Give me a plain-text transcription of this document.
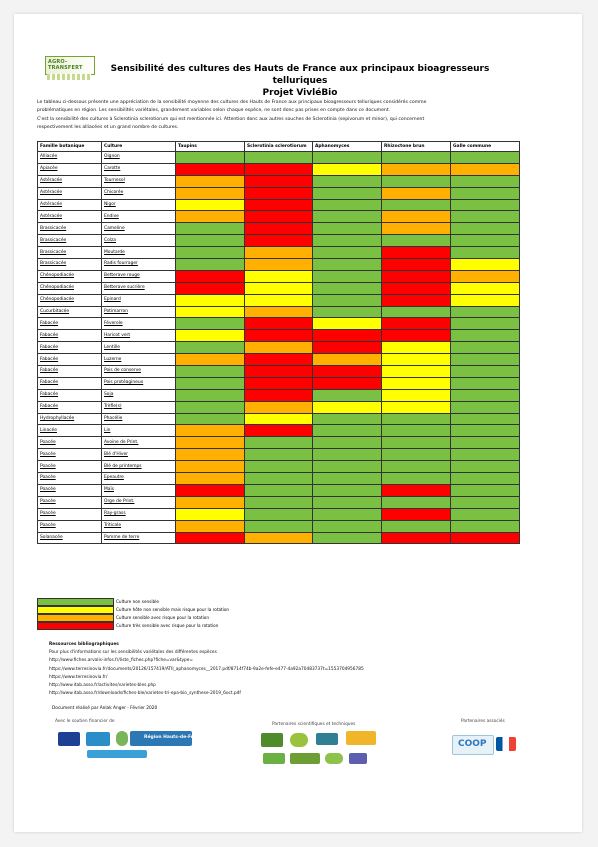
AGRO-TRANSFERT	Sensibilité des cultures des Hauts de France aux principaux bioagresseurs telluriques
Projet VivléBio

Le tableau ci-dessous présente une appréciation de la sensibilité moyenne des cultures des Hauts de France aux principaux bioagresseurs telluriques considérés comme

problématiques en région. Les sensibilités variétales, grandement variables selon chaque espèce, ne sont donc pas prises en compte dans ce document.

C'est la sensibilité des cultures à Sclerotinia sclerotiorum qui est mentionnée ici. Attention donc aux autres souches de Sclerotinia (sepivorum et minor), qui concernent

respectivement les alliacées et un grand nombre de cultures.

Famille botanique	Culture	Taupins	Sclerotinia sclerotiorum	Aphanomyces	Rhizoctone brun	Galle commune
Alliacée	Oignon					
Apiacée	Carotte					
Astéracée	Tournesol					
Astéracée	Chicorée					
Astéracée	Nigor					
Astéracée	Endive					
Brassicacée	Cameline					
Brassicacée	Colza					
Brassicacée	Moutarde					
Brassicacée	Radis fourrager					
Chénopodiacée	Betterave rouge					
Chénopodiacée	Betterave sucrière					
Chénopodiacée	Epinard					
Cucurbitacée	Potimarron					
Fabacée	Féverole					
Fabacée	Haricot vert					
Fabacée	Lentille					
Fabacée	Luzerne					
Fabacée	Pois de conserve					
Fabacée	Pois protéagineux					
Fabacée	Soja					
Fabacée	Trèfle(s)					
Hydrophyllacée	Phacélie					
Linacée	Lin					
Poacée	Avoine de Print.					
Poacée	Blé d'Hiver					
Poacée	Blé de printemps					
Poacée	Epeautre					
Poacée	Maïs					
Poacée	Orge de Print.					
Poacée	Ray-grass					
Poacée	Triticale					
Solanacée	Pomme de terre					
Culture non sensible
Culture hôte non sensible mais risque pour la rotation
Culture sensible avec risque pour la rotation
Culture très sensible avec risque pour la rotation
Ressources bibliographiques
Pour plus d'informations sur les sensibilités variétales des différentes espèces
http://www.fiches.arvalis-infos.fr/liste_fiches.php?fiche=var&type=
https://www.terresinovia.fr/documents/20126/157419/ATII_aphanomyces__2017.pdf/8714f74b-9a2e-fefe-e477-4a92a70483737t=1553704956785
https://www.terresinovia.fr/
http://www.itab.asso.fr/activites/varietes-bles.php
http://www.itab.asso.fr/downloads/fiches-ble/varietes-tri-epa-bio_synthese-2019_6oct.pdf
Document réalisé par Anlak Anger - Février 2020
Avec le soutien financier de
Partenaires scientifiques et techniques
Partenaires associés
Région Hauts-de-France
COOP
